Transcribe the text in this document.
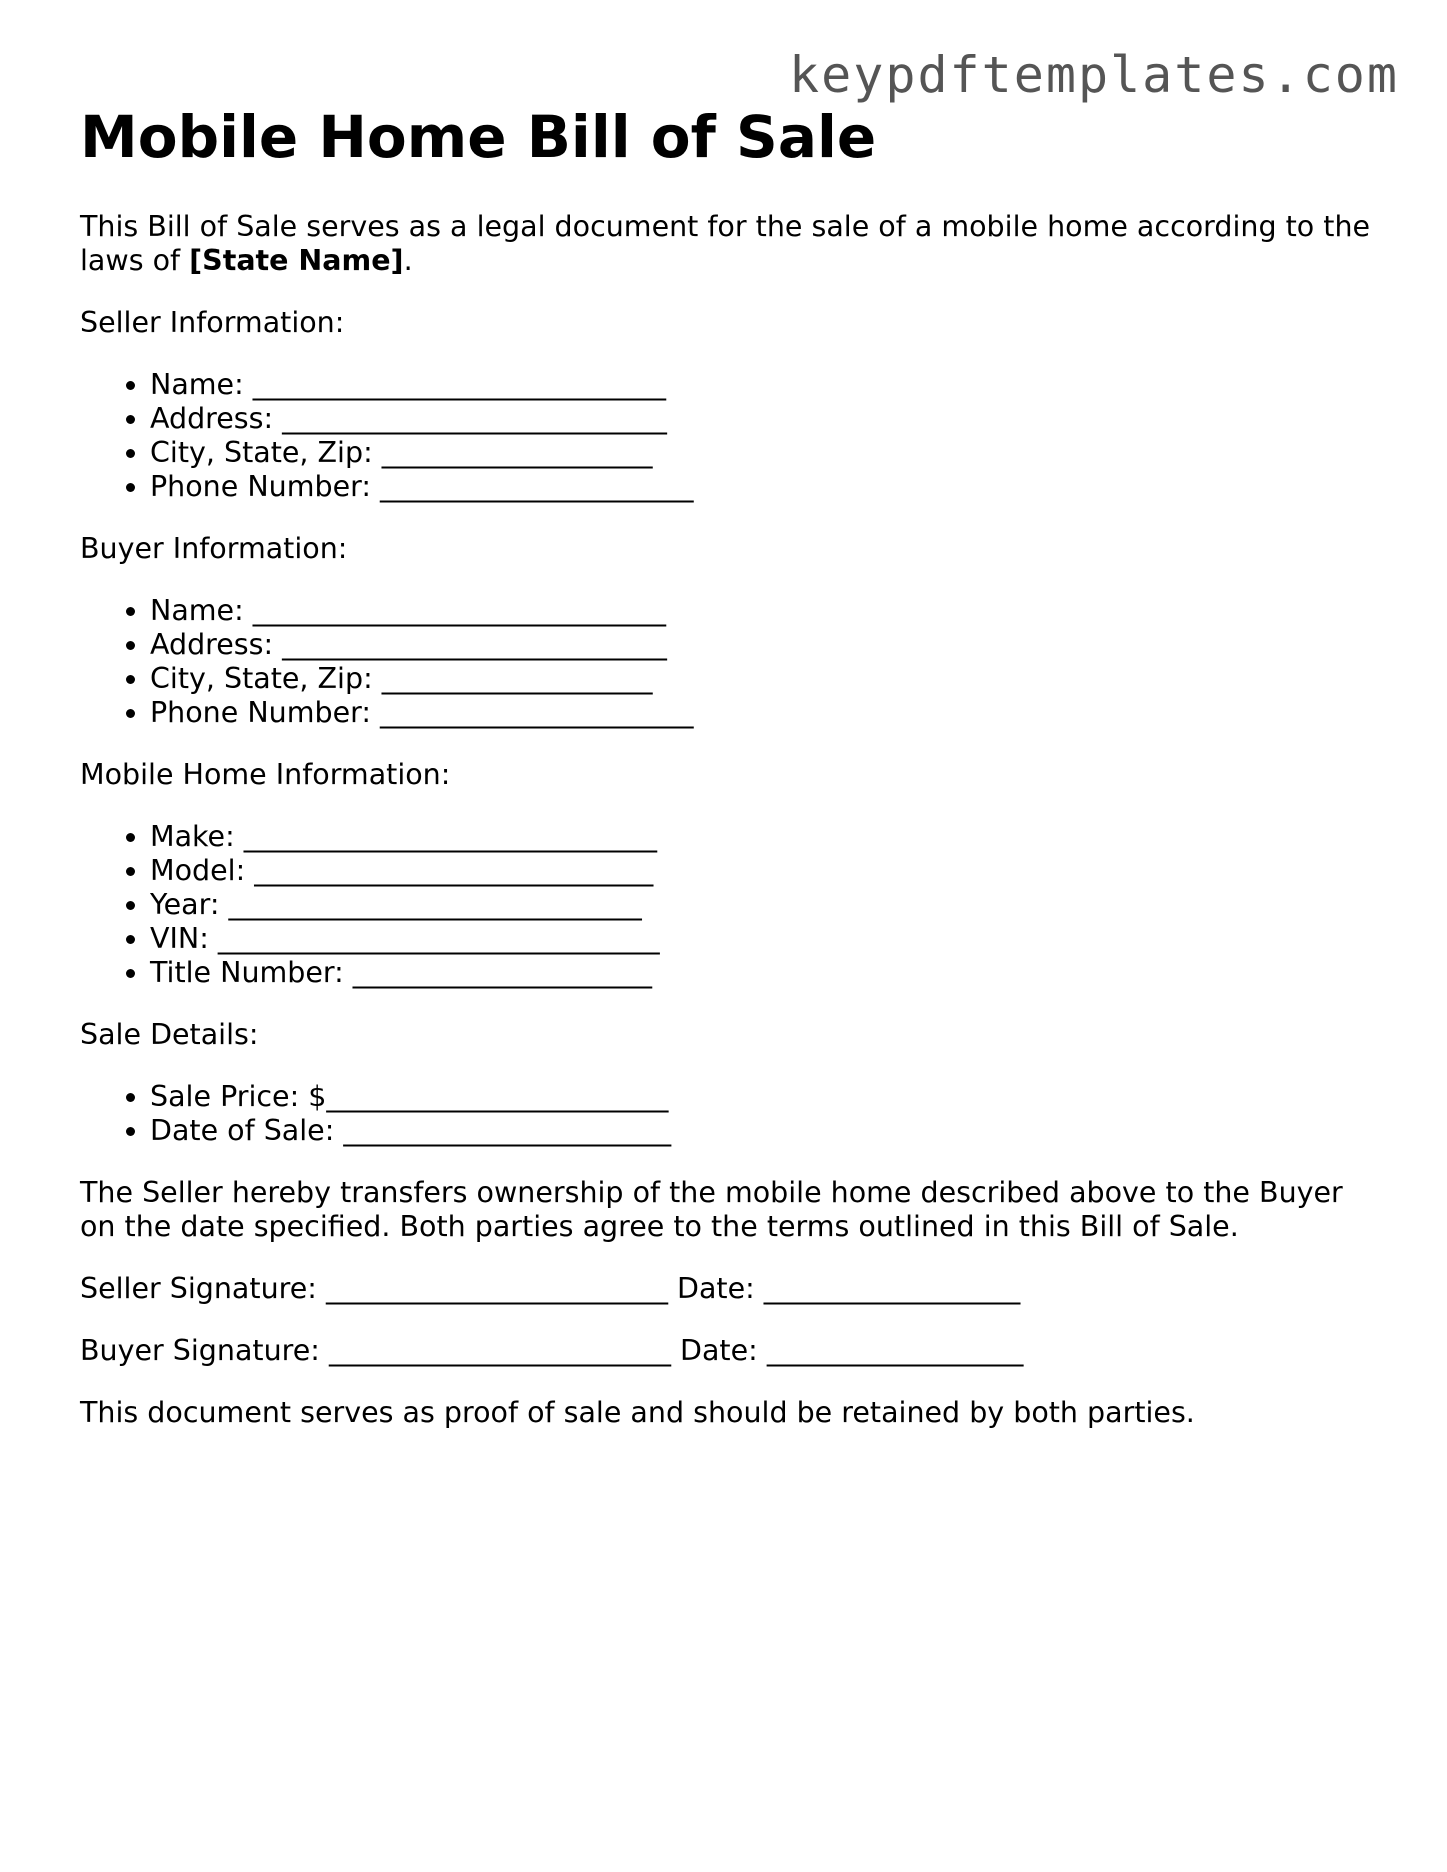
keypdftemplates.com
Mobile Home Bill of Sale

This Bill of Sale serves as a legal document for the sale of a mobile home according to the laws of [State Name].

Seller Information:

• Name: _____________________________
• Address: ___________________________
• City, State, Zip: ___________________
• Phone Number: ______________________

Buyer Information:

• Name: _____________________________
• Address: ___________________________
• City, State, Zip: ___________________
• Phone Number: ______________________

Mobile Home Information:

• Make: _____________________________
• Model: ____________________________
• Year: _____________________________
• VIN: _______________________________
• Title Number: _____________________

Sale Details:

• Sale Price: $________________________
• Date of Sale: _______________________

The Seller hereby transfers ownership of the mobile home described above to the Buyer on the date specified. Both parties agree to the terms outlined in this Bill of Sale.

Seller Signature: ________________________ Date: __________________

Buyer Signature: ________________________ Date: __________________

This document serves as proof of sale and should be retained by both parties.
